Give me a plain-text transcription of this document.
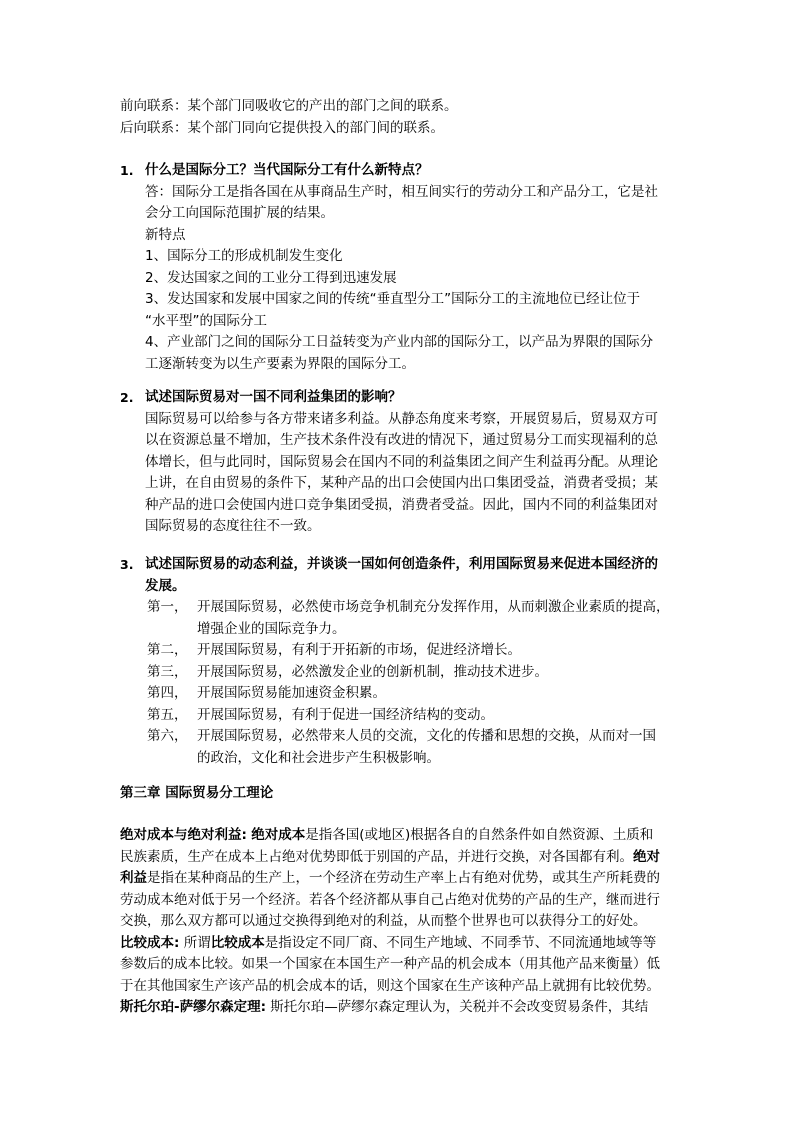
前向联系：某个部门同吸收它的产出的部门之间的联系。
后向联系：某个部门同向它提供投入的部门间的联系。
1. 什么是国际分工？当代国际分工有什么新特点？
答：国际分工是指各国在从事商品生产时，相互间实行的劳动分工和产品分工，它是社
会分工向国际范围扩展的结果。
新特点
1、国际分工的形成机制发生变化
2、发达国家之间的工业分工得到迅速发展
3、发达国家和发展中国家之间的传统“垂直型分工”国际分工的主流地位已经让位于
“水平型”的国际分工
4、产业部门之间的国际分工日益转变为产业内部的国际分工，以产品为界限的国际分
工逐渐转变为以生产要素为界限的国际分工。
2. 试述国际贸易对一国不同利益集团的影响？
国际贸易可以给参与各方带来诸多利益。从静态角度来考察，开展贸易后，贸易双方可
以在资源总量不增加，生产技术条件没有改进的情况下，通过贸易分工而实现福利的总
体增长，但与此同时，国际贸易会在国内不同的利益集团之间产生利益再分配。从理论
上讲，在自由贸易的条件下，某种产品的出口会使国内出口集团受益，消费者受损；某
种产品的进口会使国内进口竞争集团受损，消费者受益。因此，国内不同的利益集团对
国际贸易的态度往往不一致。
3. 试述国际贸易的动态利益，并谈谈一国如何创造条件，利用国际贸易来促进本国经济的
发展。
第一， 开展国际贸易，必然使市场竞争机制充分发挥作用，从而刺激企业素质的提高，
增强企业的国际竞争力。
第二， 开展国际贸易，有利于开拓新的市场，促进经济增长。
第三， 开展国际贸易，必然激发企业的创新机制，推动技术进步。
第四， 开展国际贸易能加速资金积累。
第五， 开展国际贸易，有利于促进一国经济结构的变动。
第六， 开展国际贸易，必然带来人员的交流，文化的传播和思想的交换，从而对一国
的政治，文化和社会进步产生积极影响。
第三章 国际贸易分工理论
绝对成本与绝对利益: 绝对成本是指各国(或地区)根据各自的自然条件如自然资源、土质和
民族素质，生产在成本上占绝对优势即低于别国的产品，并进行交换，对各国都有利。绝对
利益是指在某种商品的生产上，一个经济在劳动生产率上占有绝对优势，或其生产所耗费的
劳动成本绝对低于另一个经济。若各个经济都从事自己占绝对优势的产品的生产，继而进行
交换，那么双方都可以通过交换得到绝对的利益，从而整个世界也可以获得分工的好处。
比较成本: 所谓比较成本是指设定不同厂商、不同生产地域、不同季节、不同流通地域等等
参数后的成本比较。如果一个国家在本国生产一种产品的机会成本（用其他产品来衡量）低
于在其他国家生产该产品的机会成本的话，则这个国家在生产该种产品上就拥有比较优势。
斯托尔珀-萨缪尔森定理: 斯托尔珀—萨缪尔森定理认为，关税并不会改变贸易条件，其结
